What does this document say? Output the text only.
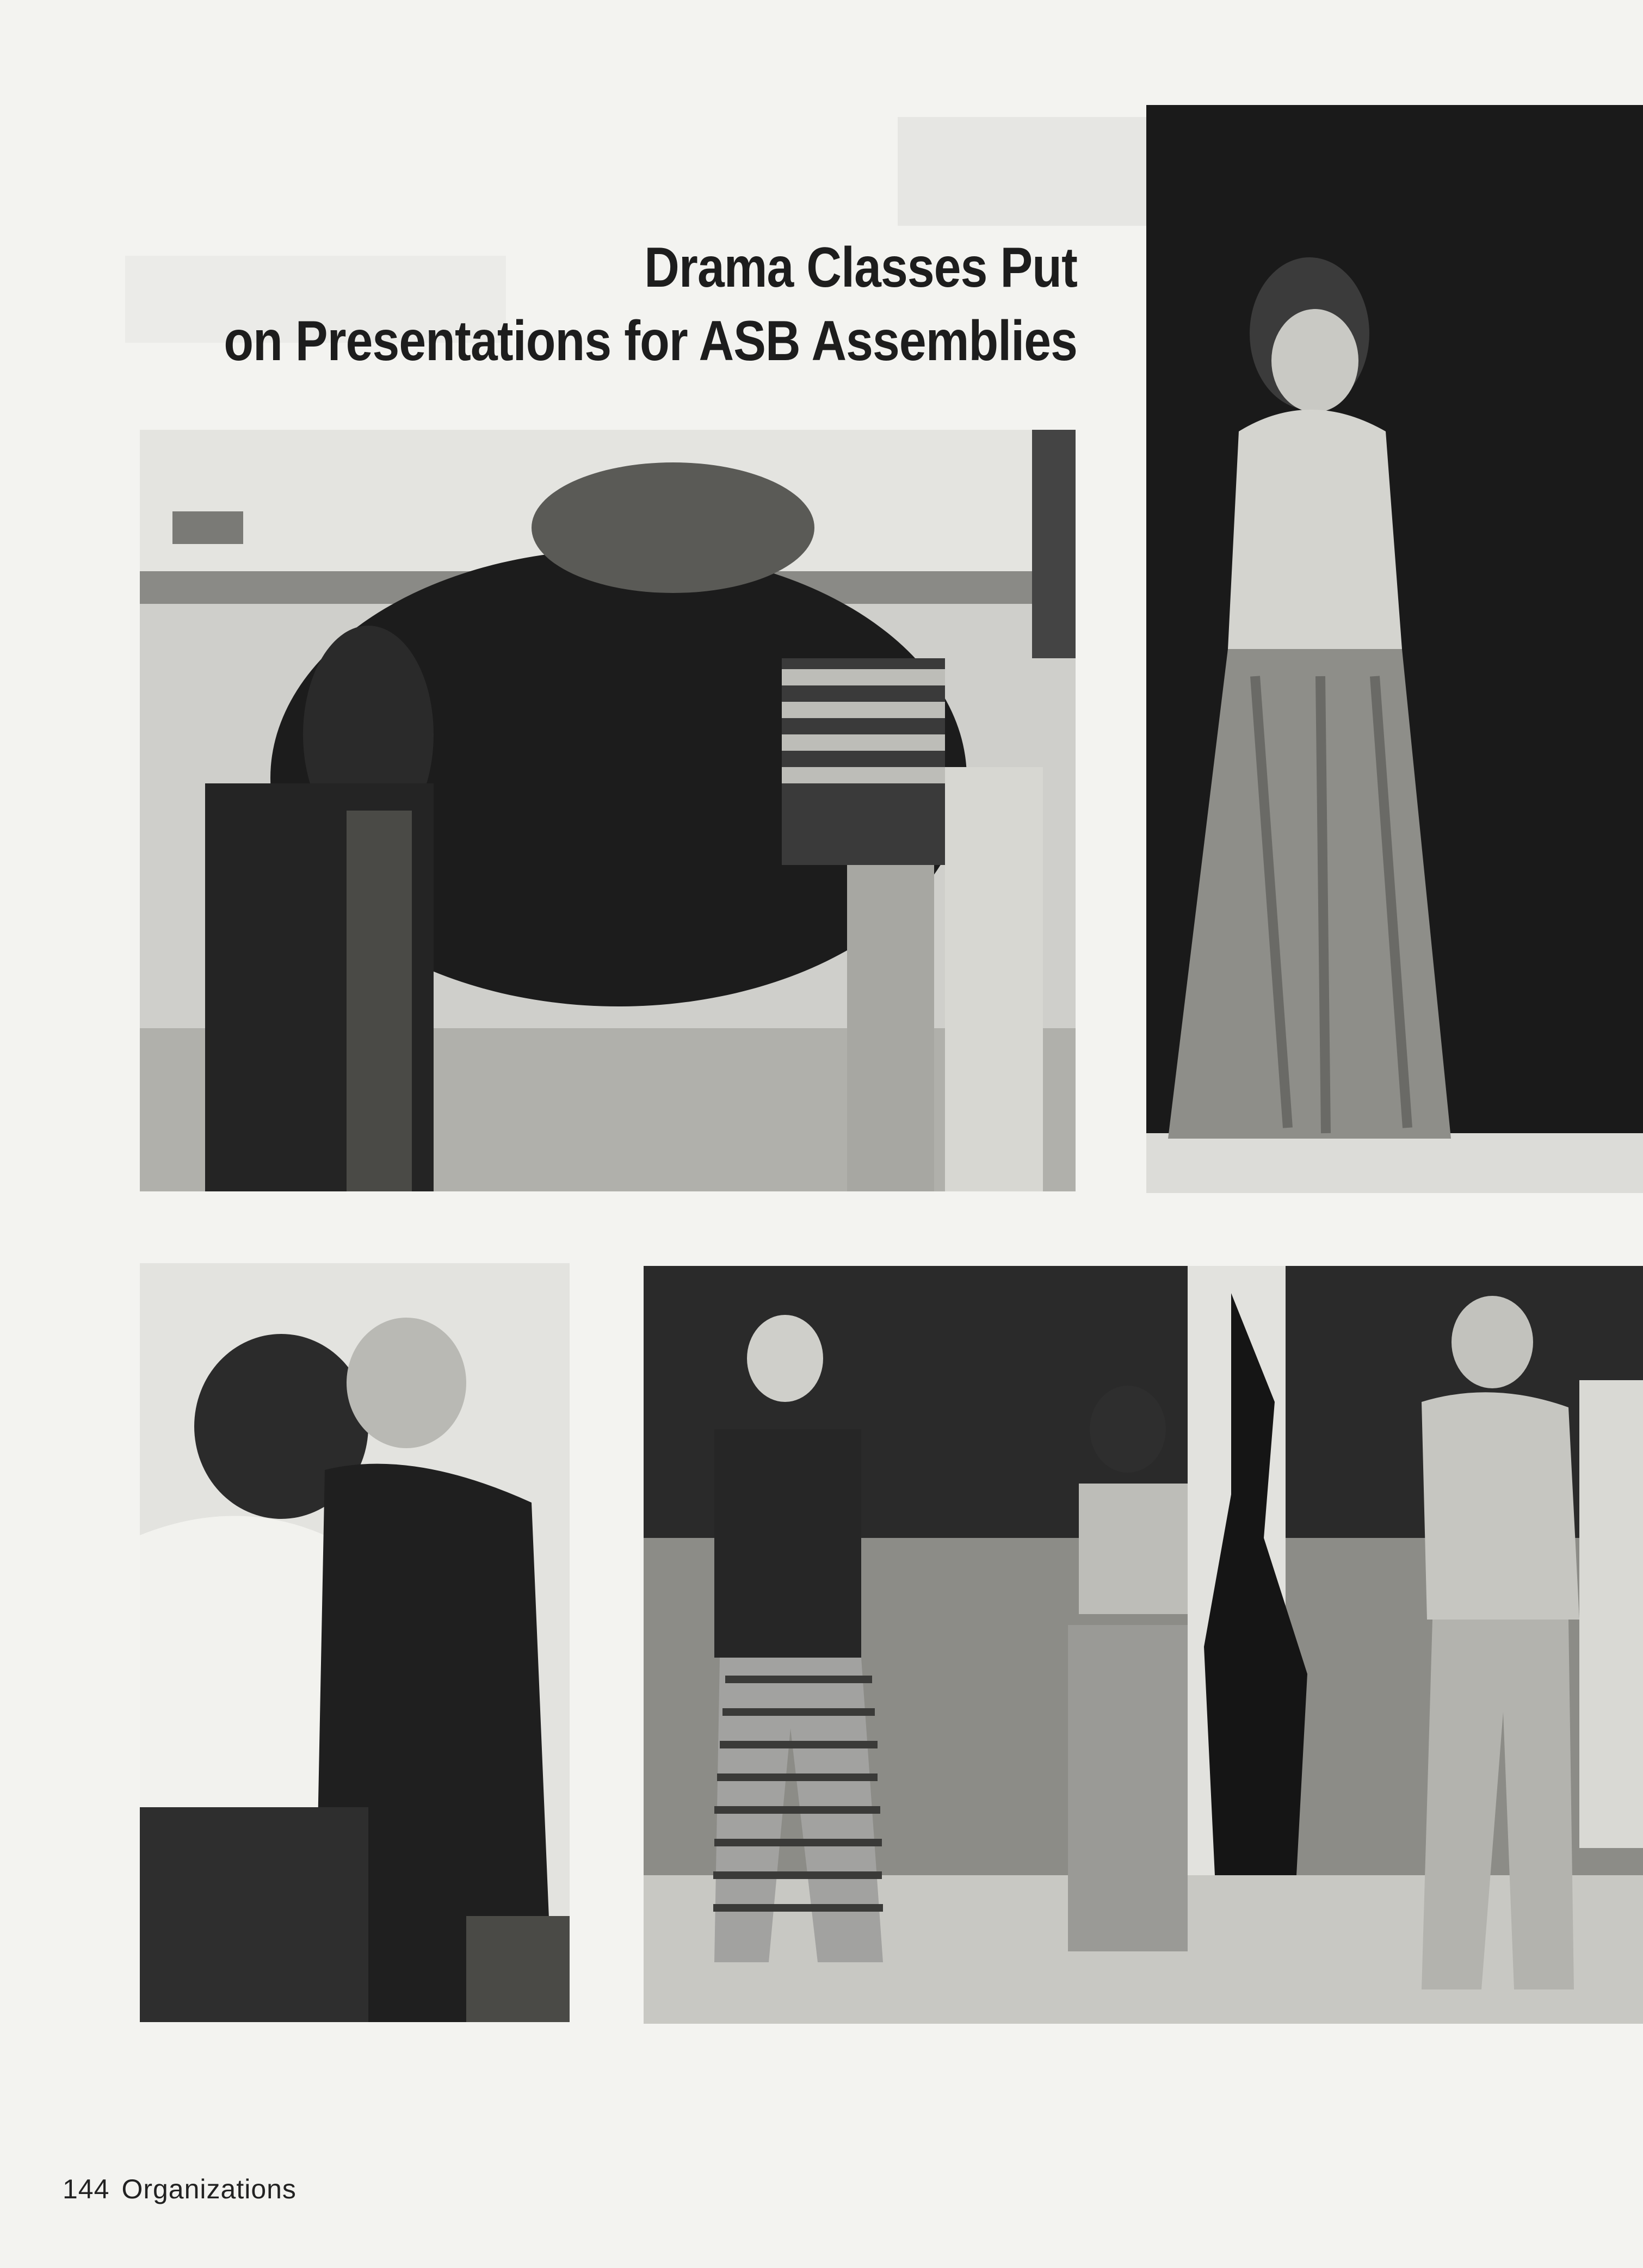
Drama Classes Put
on Presentations for ASB Assemblies
144 Organizations
